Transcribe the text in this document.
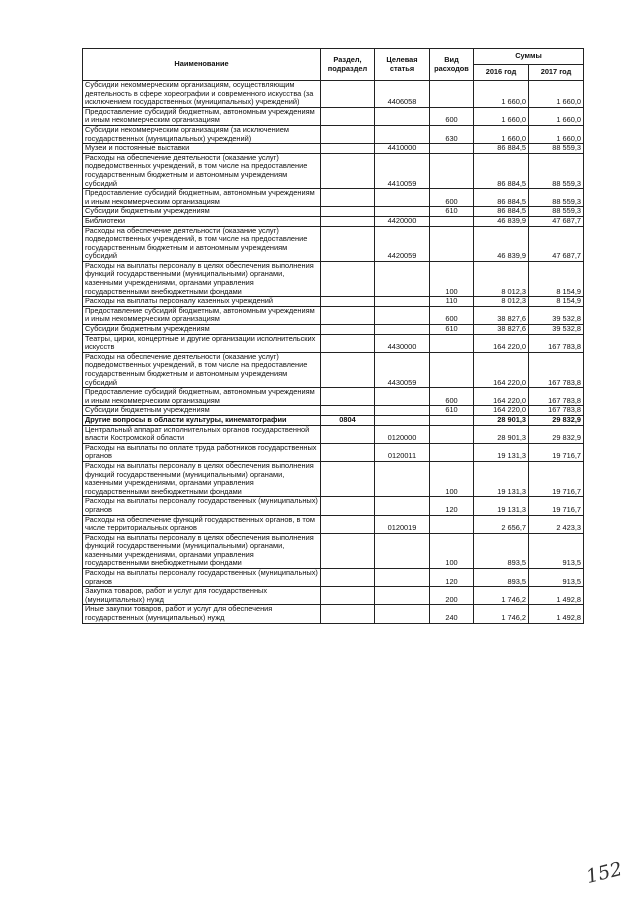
Наименование	Раздел, подраздел	Целевая статья	Вид расходов	Суммы	
				2016 год	2017 год
Субсидии некоммерческим организациям, осуществляющим деятельность в сфере хореографии и современного искусства (за исключением государственных (муниципальных) учреждений)		4406058		1 660,0	1 660,0
Предоставление субсидий бюджетным, автономным учреждениям и иным некоммерческим организациям			600	1 660,0	1 660,0
Субсидии некоммерческим организациям (за исключением государственных (муниципальных) учреждений)			630	1 660,0	1 660,0
Музеи и постоянные выставки		4410000		86 884,5	88 559,3
Расходы на обеспечение деятельности (оказание услуг) подведомственных учреждений, в том числе на предоставление государственным бюджетным и автономным учреждениям субсидий		4410059		86 884,5	88 559,3
Предоставление субсидий бюджетным, автономным учреждениям и иным некоммерческим организациям			600	86 884,5	88 559,3
Субсидии бюджетным учреждениям			610	86 884,5	88 559,3
Библиотеки		4420000		46 839,9	47 687,7
Расходы на обеспечение деятельности (оказание услуг) подведомственных учреждений, в том числе на предоставление государственным бюджетным и автономным учреждениям субсидий		4420059		46 839,9	47 687,7
Расходы на выплаты персоналу в целях обеспечения выполнения функций государственными (муниципальными) органами, казенными учреждениями, органами управления государственными внебюджетными фондами			100	8 012,3	8 154,9
Расходы на выплаты персоналу казенных учреждений			110	8 012,3	8 154,9
Предоставление субсидий бюджетным, автономным учреждениям и иным некоммерческим организациям			600	38 827,6	39 532,8
Субсидии бюджетным учреждениям			610	38 827,6	39 532,8
Театры, цирки, концертные и другие организации исполнительских искусств		4430000		164 220,0	167 783,8
Расходы на обеспечение деятельности (оказание услуг) подведомственных учреждений, в том числе на предоставление государственным бюджетным и автономным учреждениям субсидий		4430059		164 220,0	167 783,8
Предоставление субсидий бюджетным, автономным учреждениям и иным некоммерческим организациям			600	164 220,0	167 783,8
Субсидии бюджетным учреждениям			610	164 220,0	167 783,8
Другие вопросы в области культуры, кинематографии	0804			28 901,3	29 832,9
Центральный аппарат исполнительных органов государственной власти Костромской области		0120000		28 901,3	29 832,9
Расходы на выплаты по оплате труда работников государственных органов		0120011		19 131,3	19 716,7
Расходы на выплаты персоналу в целях обеспечения выполнения функций государственными (муниципальными) органами, казенными учреждениями, органами управления государственными внебюджетными фондами			100	19 131,3	19 716,7
Расходы на выплаты персоналу государственных (муниципальных) органов			120	19 131,3	19 716,7
Расходы на обеспечение функций государственных органов, в том числе территориальных органов		0120019		2 656,7	2 423,3
Расходы на выплаты персоналу в целях обеспечения выполнения функций государственными (муниципальными) органами, казенными учреждениями, органами управления государственными внебюджетными фондами			100	893,5	913,5
Расходы на выплаты персоналу государственных (муниципальных) органов			120	893,5	913,5
Закупка товаров, работ и услуг для государственных (муниципальных) нужд			200	1 746,2	1 492,8
Иные закупки товаров, работ и услуг для обеспечения государственных (муниципальных) нужд			240	1 746,2	1 492,8
152
